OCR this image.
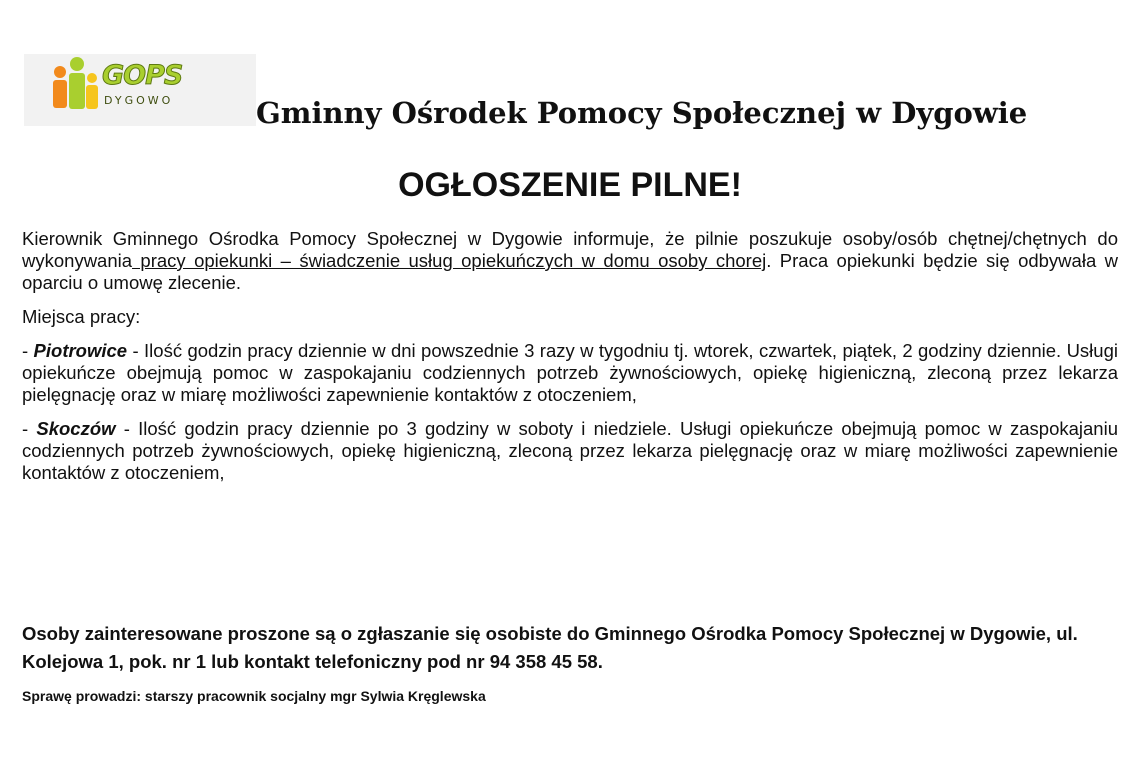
GOPS
DYGOWO	Gminny Ośrodek Pomocy Społecznej w Dygowie
OGŁOSZENIE PILNE!

Kierownik Gminnego Ośrodka Pomocy Społecznej w Dygowie informuje, że pilnie poszukuje osoby/osób chętnej/chętnych do wykonywania pracy opiekunki – świadczenie usług opiekuńczych w domu osoby chorej. Praca opiekunki będzie się odbywała w oparciu o umowę zlecenie.

Miejsca pracy:

- Piotrowice - Ilość godzin pracy dziennie w dni powszednie 3 razy w tygodniu tj. wtorek, czwartek, piątek, 2 godziny dziennie. Usługi opiekuńcze obejmują pomoc w zaspokajaniu codziennych potrzeb żywnościowych, opiekę higieniczną, zleconą przez lekarza pielęgnację oraz w miarę możliwości zapewnienie kontaktów z otoczeniem,

- Skoczów - Ilość godzin pracy dziennie po 3 godziny w soboty i niedziele. Usługi opiekuńcze obejmują pomoc w zaspokajaniu codziennych potrzeb żywnościowych, opiekę higieniczną, zleconą przez lekarza pielęgnację oraz w miarę możliwości zapewnienie kontaktów z otoczeniem,

Osoby zainteresowane proszone są o zgłaszanie się osobiste do Gminnego Ośrodka Pomocy Społecznej w Dygowie, ul. Kolejowa 1, pok. nr 1 lub kontakt telefoniczny pod nr 94 358 45 58.

Sprawę prowadzi: starszy pracownik socjalny mgr Sylwia Kręglewska
